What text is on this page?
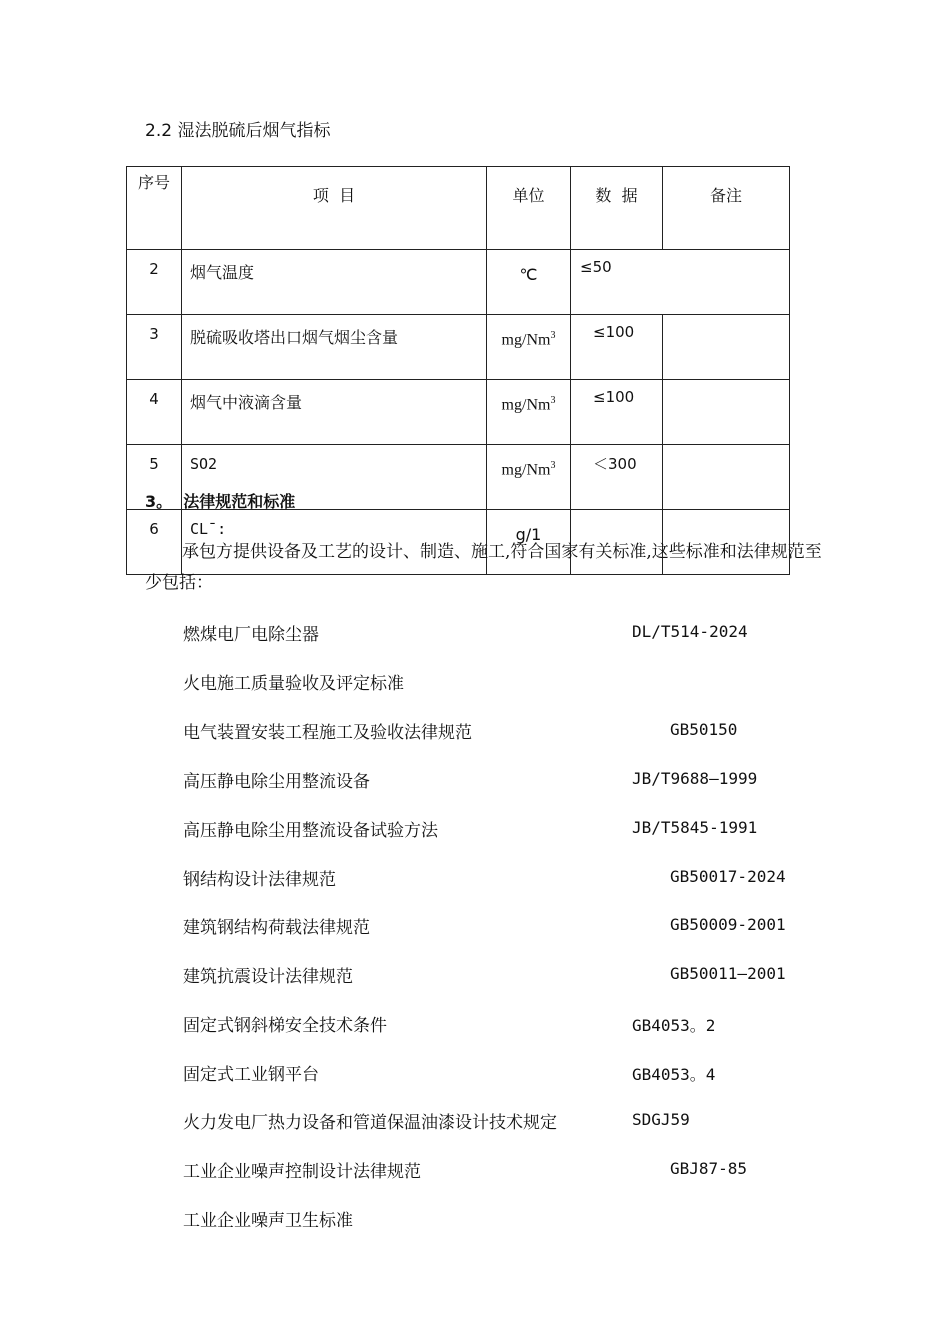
2.2 湿法脱硫后烟气指标
序号	项  目	单位	数  据	备注
2	烟气温度	℃	≤50	
3	脱硫吸收塔出口烟气烟尘含量	$mg/Nm^3$	≤100	
4	烟气中液滴含量	$mg/Nm^3$	≤100	
5	SO2	$mg/Nm^3$	＜300	
6	CL¯:	g/1		
3。  法律规范和标准
承包方提供设备及工艺的设计、制造、施工,符合国家有关标准,这些标准和法律规范至少包括：
燃煤电厂电除尘器	DL/T514-2024
火电施工质量验收及评定标准
电气装置安装工程施工及验收法律规范	GB50150
高压静电除尘用整流设备	JB/T9688—1999
高压静电除尘用整流设备试验方法	JB/T5845-1991
钢结构设计法律规范	GB50017-2024
建筑钢结构荷载法律规范	GB50009-2001
建筑抗震设计法律规范	GB50011—2001
固定式钢斜梯安全技术条件	GB4053。2
固定式工业钢平台	GB4053。4
火力发电厂热力设备和管道保温油漆设计技术规定	SDGJ59
工业企业噪声控制设计法律规范	GBJ87-85
工业企业噪声卫生标准
